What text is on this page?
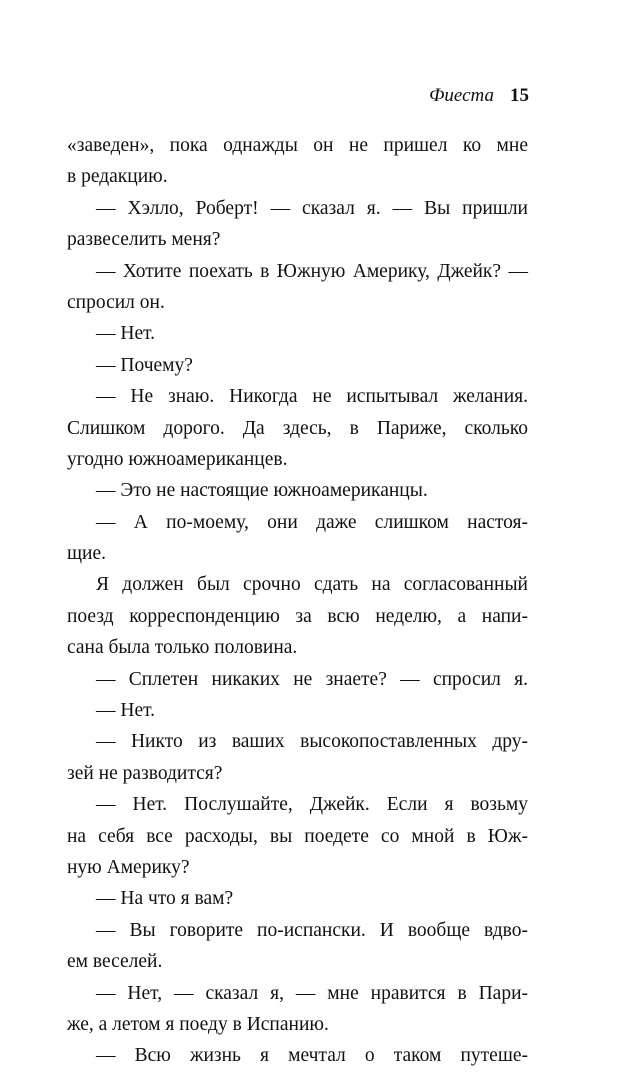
Фиеста 15
«заведен», пока однажды он не пришел ко мне
в редакцию.
— Хэлло, Роберт! — сказал я. — Вы пришли
развеселить меня?
— Хотите поехать в Южную Америку, Джейк? —
спросил он.
— Нет.
— Почему?
— Не знаю. Никогда не испытывал желания.
Слишком дорого. Да здесь, в Париже, сколько
угодно южноамериканцев.
— Это не настоящие южноамериканцы.
— А по-моему, они даже слишком настоя-
щие.
Я должен был срочно сдать на согласованный
поезд корреспонденцию за всю неделю, а напи-
сана была только половина.
— Сплетен никаких не знаете? — спросил я.
— Нет.
— Никто из ваших высокопоставленных дру-
зей не разводится?
— Нет. Послушайте, Джейк. Если я возьму
на себя все расходы, вы поедете со мной в Юж-
ную Америку?
— На что я вам?
— Вы говорите по-испански. И вообще вдво-
ем веселей.
— Нет, — сказал я, — мне нравится в Пари-
же, а летом я поеду в Испанию.
— Всю жизнь я мечтал о таком путеше-
